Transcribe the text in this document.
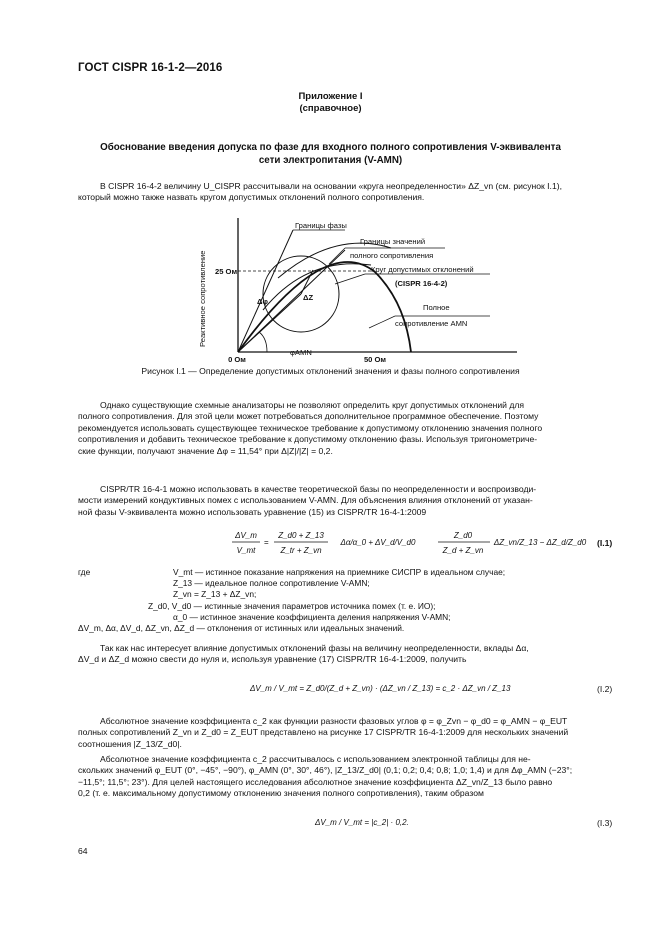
ГОСТ CISPR 16-1-2—2016
Приложение I
(справочное)
Обоснование введения допуска по фазе для входного полного сопротивления V-эквивалента
сети электропитания (V-AMN)

В CISPR 16-4-2 величину U_CISPR рассчитывали на основании «круга неопределенности» ΔZ_vn (см. рисунок I.1),

который можно также назвать кругом допустимых отклонений полного сопротивления.
Реактивное сопротивление
0 Ом	50 Ом
25 Ом
Границы фазы
Границы значений
полного сопротивления
Круг допустимых отклонений
(CISPR 16-4-2)
Полное
сопротивление AMN
Δφ	ΔZ
φAMN
Рисунок I.1 — Определение допустимых отклонений значения и фазы полного сопротивления

Однако существующие схемные анализаторы не позволяют определить круг допустимых отклонений для

полного сопротивления. Для этой цели может потребоваться дополнительное программное обеспечение. Поэтому
рекомендуется использовать существующее техническое требование к допустимому отклонению значения полного
сопротивления и добавить техническое требование к допустимому отклонению фазы. Используя тригонометриче-
ские функции, получают значение Δφ = 11,54° при Δ|Z|/|Z| = 0,2.

CISPR/TR 16-4-1 можно использовать в качестве теоретической базы по неопределенности и воспроизводи-

мости измерений кондуктивных помех с использованием V-AMN. Для объяснения влияния отклонений от указан-
ной фазы V-эквивалента можно использовать уравнение (15) из CISPR/TR 16-4-1:2009
ΔV_m
V_mt
=
Z_d0 + Z_13
Z_tr + Z_vn
Δα/α_0 + ΔV_d/V_d0
Z_d0
Z_d + Z_vn
ΔZ_vn/Z_13 − ΔZ_d/Z_d0 (I.1)
где	V_mt — истинное показание напряжения на приемнике СИСПР в идеальном случае;
Z_13 — идеальное полное сопротивление V-AMN;
Z_vn = Z_13 + ΔZ_vn;
Z_d0, V_d0 — истинные значения параметров источника помех (т. е. ИО);
α_0 — истинное значение коэффициента деления напряжения V-AMN;
ΔV_m, Δα, ΔV_d, ΔZ_vn, ΔZ_d — отклонения от истинных или идеальных значений.

Так как нас интересует влияние допустимых отклонений фазы на величину неопределенности, вклады Δα,

ΔV_d и ΔZ_d можно свести до нуля и, используя уравнение (17) CISPR/TR 16-4-1:2009, получить
ΔV_m / V_mt = Z_d0/(Z_d + Z_vn) · (ΔZ_vn / Z_13) = c_2 · ΔZ_vn / Z_13	(I.2)

Абсолютное значение коэффициента c_2 как функции разности фазовых углов φ = φ_Zvn − φ_d0 = φ_AMN − φ_EUT

полных сопротивлений Z_vn и Z_d0 = Z_EUT представлено на рисунке 17 CISPR/TR 16-4-1:2009 для нескольких значений
соотношения |Z_13/Z_d0|.

Абсолютное значение коэффициента c_2 рассчитывалось с использованием электронной таблицы для не-

скольких значений φ_EUT (0°, −45°, −90°), φ_AMN (0°, 30°, 46°), |Z_13/Z_d0| (0,1; 0,2; 0,4; 0,8; 1,0; 1,4) и для Δφ_AMN (−23°;
−11,5°; 11,5°; 23°). Для целей настоящего исследования абсолютное значение коэффициента ΔZ_vn/Z_13 было равно
0,2 (т. е. максимальному допустимому отклонению значения полного сопротивления), таким образом
ΔV_m / V_mt = |c_2| · 0,2.	(I.3)
64
